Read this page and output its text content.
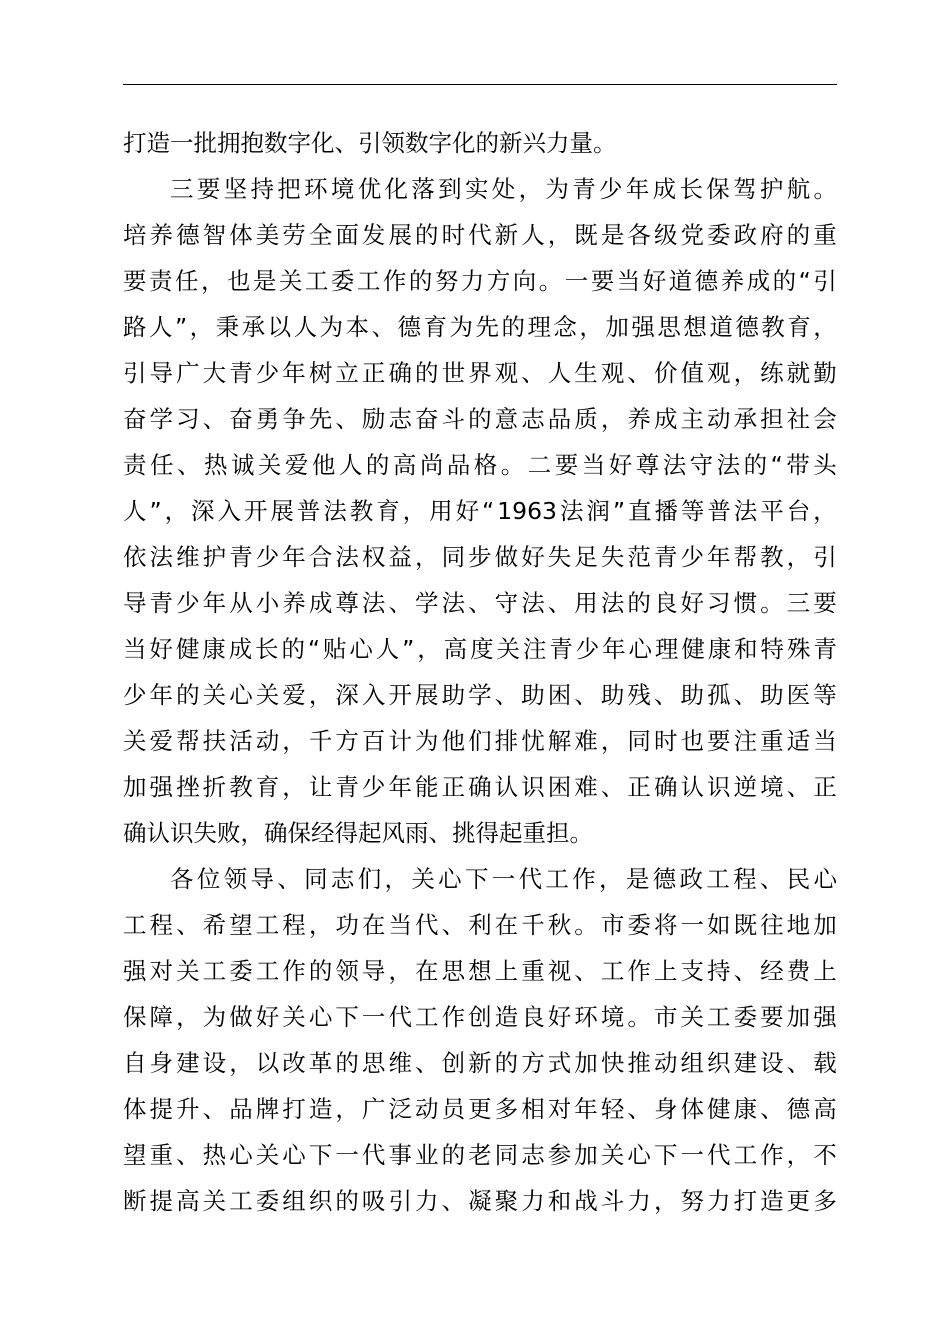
打造一批拥抱数字化、引领数字化的新兴力量。
三 要 坚 持 把 环 境 优 化 落 到 实 处 ， 为 青 少 年 成 长 保 驾 护 航 。
培 养 德 智 体 美 劳 全 面 发 展 的 时 代 新 人 ， 既 是 各 级 党 委 政 府 的 重
要 责 任 ， 也 是 关 工 委 工 作 的 努 力 方 向 。 一 要 当 好 道 德 养 成 的 “ 引
路 人 ” ， 秉 承 以 人 为 本 、 德 育 为 先 的 理 念 ， 加 强 思 想 道 德 教 育 ，
引 导 广 大 青 少 年 树 立 正 确 的 世 界 观 、 人 生 观 、 价 值 观 ， 练 就 勤
奋 学 习 、 奋 勇 争 先 、 励 志 奋 斗 的 意 志 品 质 ， 养 成 主 动 承 担 社 会
责 任 、 热 诚 关 爱 他 人 的 高 尚 品 格 。 二 要 当 好 尊 法 守 法 的 “ 带 头
人 ” ， 深 入 开 展 普 法 教 育 ， 用 好 “ 1963 法 润 ” 直 播 等 普 法 平 台 ，
依 法 维 护 青 少 年 合 法 权 益 ， 同 步 做 好 失 足 失 范 青 少 年 帮 教 ， 引
导 青 少 年 从 小 养 成 尊 法 、 学 法 、 守 法 、 用 法 的 良 好 习 惯 。 三 要
当 好 健 康 成 长 的 “ 贴 心 人 ” ， 高 度 关 注 青 少 年 心 理 健 康 和 特 殊 青
少 年 的 关 心 关 爱 ， 深 入 开 展 助 学 、 助 困 、 助 残 、 助 孤 、 助 医 等
关 爱 帮 扶 活 动 ， 千 方 百 计 为 他 们 排 忧 解 难 ， 同 时 也 要 注 重 适 当
加 强 挫 折 教 育 ， 让 青 少 年 能 正 确 认 识 困 难 、 正 确 认 识 逆 境 、 正
确认识失败，确保经得起风雨、挑得起重担。
各 位 领 导 、 同 志 们 ， 关 心 下 一 代 工 作 ， 是 德 政 工 程 、 民 心
工 程 、 希 望 工 程 ， 功 在 当 代 、 利 在 千 秋 。 市 委 将 一 如 既 往 地 加
强 对 关 工 委 工 作 的 领 导 ， 在 思 想 上 重 视 、 工 作 上 支 持 、 经 费 上
保 障 ， 为 做 好 关 心 下 一 代 工 作 创 造 良 好 环 境 。 市 关 工 委 要 加 强
自 身 建 设 ， 以 改 革 的 思 维 、 创 新 的 方 式 加 快 推 动 组 织 建 设 、 载
体 提 升 、 品 牌 打 造 ， 广 泛 动 员 更 多 相 对 年 轻 、 身 体 健 康 、 德 高
望 重 、 热 心 关 心 下 一 代 事 业 的 老 同 志 参 加 关 心 下 一 代 工 作 ， 不
断 提 高 关 工 委 组 织 的 吸 引 力 、 凝 聚 力 和 战 斗 力 ， 努 力 打 造 更 多
